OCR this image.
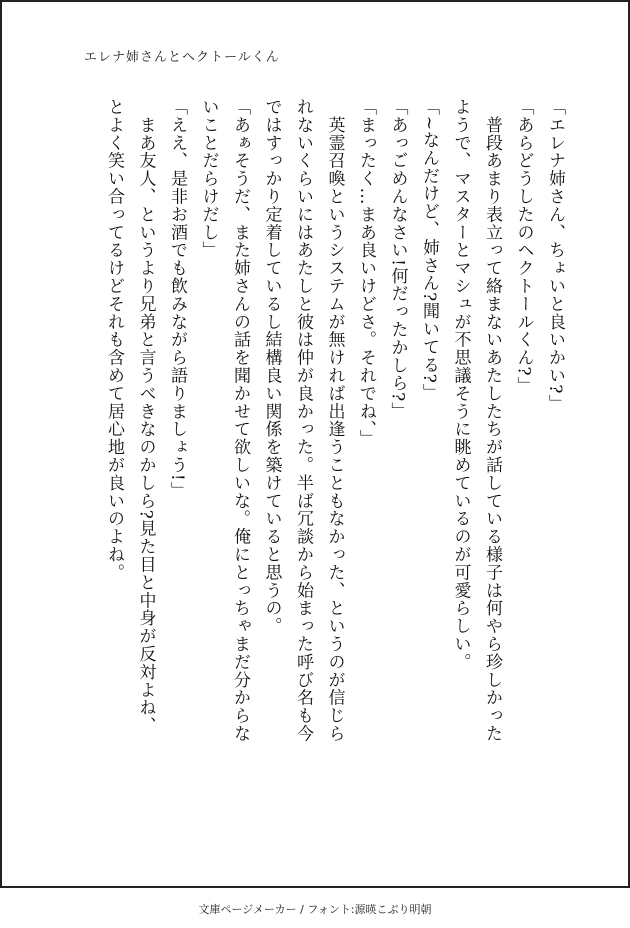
エレナ姉さんとヘクトールくん
「エレナ姉さん、ちょいと良いかい?」
「あらどうしたのヘクトールくん?」
　普段あまり表立って絡まないあたしたちが話している様子は何やら珍しかった
ようで、マスターとマシュが不思議そうに眺めているのが可愛らしい。
「~なんだけど、姉さん?聞いてる?」
「あっごめんなさい!何だったかしら?」
「まったく…まあ良いけどさ。それでね、」
　英霊召喚というシステムが無ければ出逢うこともなかった、というのが信じら
れないくらいにはあたしと彼は仲が良かった。半ば冗談から始まった呼び名も今
ではすっかり定着しているし結構良い関係を築けていると思うの。
「あぁそうだ、また姉さんの話を聞かせて欲しいな。俺にとっちゃまだ分からな
いことだらけだし」
「ええ、是非お酒でも飲みながら語りましょう!」
　まあ友人、というより兄弟と言うべきなのかしら?見た目と中身が反対よね、
とよく笑い合ってるけどそれも含めて居心地が良いのよね。
文庫ページメーカー / フォント:源暎こぶり明朝
